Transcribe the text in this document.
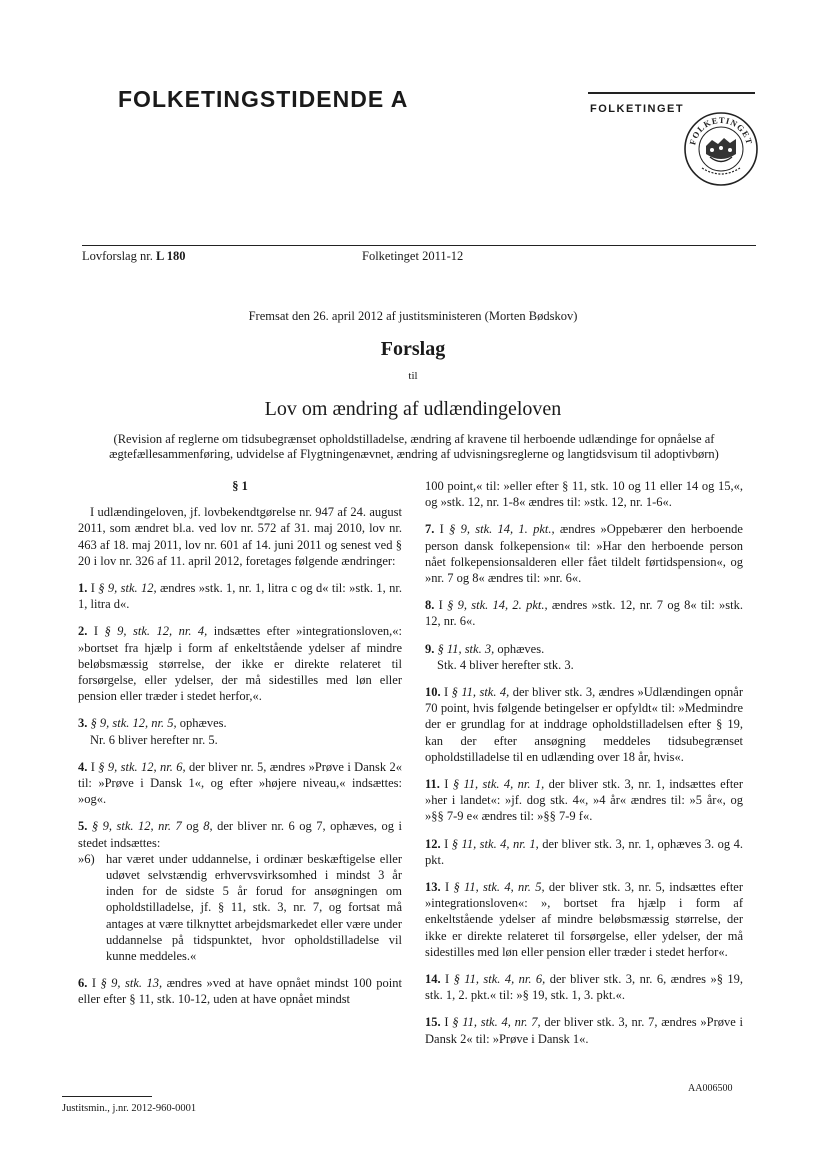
FOLKETINGSTIDENDE A	FOLKETINGET
FOLKETINGET
Lovforslag nr. L 180	Folketinget 2011-12
Fremsat den 26. april 2012 af justitsministeren (Morten Bødskov)
Forslag
til
Lov om ændring af udlændingeloven
(Revision af reglerne om tidsubegrænset opholdstilladelse, ændring af kravene til herboende udlændinge for opnåelse af ægtefællesammenføring, udvidelse af Flygtningenævnet, ændring af udvisningsreglerne og langtidsvisum til adoptivbørn)

§ 1

I udlændingeloven, jf. lovbekendtgørelse nr. 947 af 24. august 2011, som ændret bl.a. ved lov nr. 572 af 31. maj 2010, lov nr. 463 af 18. maj 2011, lov nr. 601 af 14. juni 2011 og senest ved § 20 i lov nr. 326 af 11. april 2012, foretages følgende ændringer:

1. I § 9, stk. 12, ændres »stk. 1, nr. 1, litra c og d« til: »stk. 1, nr. 1, litra d«.

2. I § 9, stk. 12, nr. 4, indsættes efter »integrationsloven,«: »bortset fra hjælp i form af enkeltstående ydelser af mindre beløbsmæssig størrelse, der ikke er direkte relateret til forsørgelse, eller ydelser, der må sidestilles med løn eller pension eller træder i stedet herfor,«.

3. § 9, stk. 12, nr. 5, ophæves.

Nr. 6 bliver herefter nr. 5.

4. I § 9, stk. 12, nr. 6, der bliver nr. 5, ændres »Prøve i Dansk 2« til: »Prøve i Dansk 1«, og efter »højere niveau,« indsættes: »og«.

5. § 9, stk. 12, nr. 7 og 8, der bliver nr. 6 og 7, ophæves, og i stedet indsættes:

»6) har været under uddannelse, i ordinær beskæftigelse eller udøvet selvstændig erhvervsvirksomhed i mindst 3 år inden for de sidste 5 år forud for ansøgningen om opholdstilladelse, jf. § 11, stk. 3, nr. 7, og fortsat må antages at være tilknyttet arbejdsmarkedet eller være under uddannelse på tidspunktet, hvor opholdstilladelse vil kunne meddeles.«

6. I § 9, stk. 13, ændres »ved at have opnået mindst 100 point eller efter § 11, stk. 10-12, uden at have opnået mindst

100 point,« til: »eller efter § 11, stk. 10 og 11 eller 14 og 15,«, og »stk. 12, nr. 1-8« ændres til: »stk. 12, nr. 1-6«.

7. I § 9, stk. 14, 1. pkt., ændres »Oppebærer den herboende person dansk folkepension« til: »Har den herboende person nået folkepensionsalderen eller fået tildelt førtidspension«, og »nr. 7 og 8« ændres til: »nr. 6«.

8. I § 9, stk. 14, 2. pkt., ændres »stk. 12, nr. 7 og 8« til: »stk. 12, nr. 6«.

9. § 11, stk. 3, ophæves.

Stk. 4 bliver herefter stk. 3.

10. I § 11, stk. 4, der bliver stk. 3, ændres »Udlændingen opnår 70 point, hvis følgende betingelser er opfyldt« til: »Medmindre der er grundlag for at inddrage opholdstilladelsen efter § 19, kan der efter ansøgning meddeles tidsubegrænset opholdstilladelse til en udlænding over 18 år, hvis«.

11. I § 11, stk. 4, nr. 1, der bliver stk. 3, nr. 1, indsættes efter »her i landet«: »jf. dog stk. 4«, »4 år« ændres til: »5 år«, og »§§ 7-9 e« ændres til: »§§ 7-9 f«.

12. I § 11, stk. 4, nr. 1, der bliver stk. 3, nr. 1, ophæves 3. og 4. pkt.

13. I § 11, stk. 4, nr. 5, der bliver stk. 3, nr. 5, indsættes efter »integrationsloven«: », bortset fra hjælp i form af enkeltstående ydelser af mindre beløbsmæssig størrelse, der ikke er direkte relateret til forsørgelse, eller ydelser, der må sidestilles med løn eller pension eller træder i stedet herfor«.

14. I § 11, stk. 4, nr. 6, der bliver stk. 3, nr. 6, ændres »§ 19, stk. 1, 2. pkt.« til: »§ 19, stk. 1, 3. pkt.«.

15. I § 11, stk. 4, nr. 7, der bliver stk. 3, nr. 7, ændres »Prøve i Dansk 2« til: »Prøve i Dansk 1«.

AA006500
Justitsmin., j.nr. 2012-960-0001
